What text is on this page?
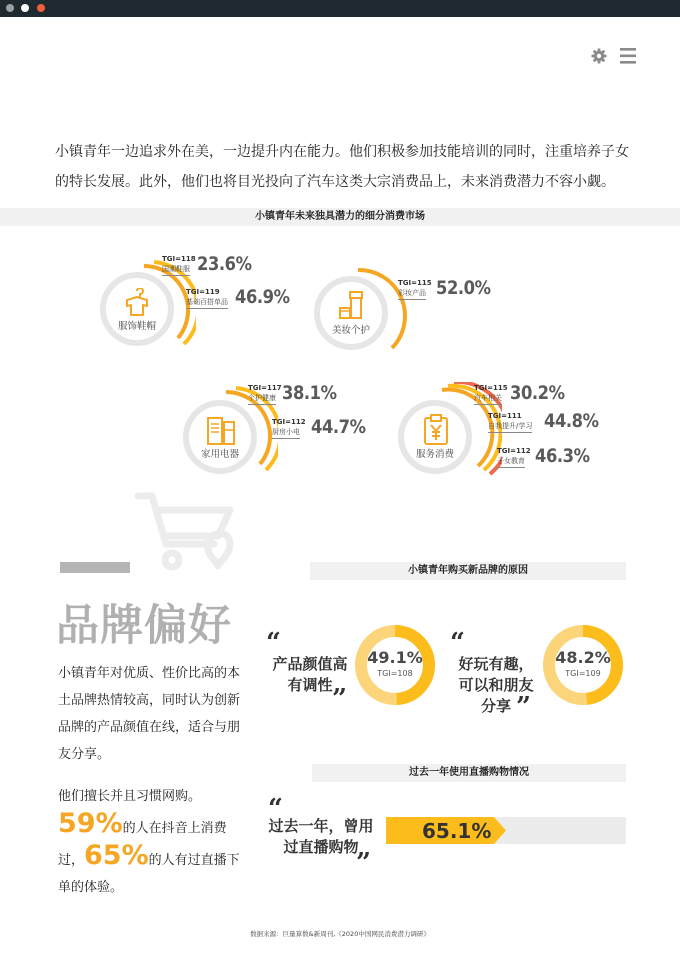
小镇青年一边追求外在美，一边提升内在能力。他们积极参加技能培训的同时，注重培养子女的特长发展。此外，他们也将目光投向了汽车这类大宗消费品上，未来消费潜力不容小觑。

小镇青年未来独具潜力的细分消费市场
服饰鞋帽
TGI=118
国潮鞋服 23.6%
TGI=119
基础百搭单品 46.9%
美妆个护
TGI=115
彩妆产品 52.0%
家用电器
TGI=117
个护健康 38.1%
TGI=112
厨房小电 44.7%
服务消费
TGI=115
汽车相关 30.2%
TGI=111
自我提升/学习 44.8%
TGI=112
子女教育 46.3%
品牌偏好

小镇青年对优质、性价比高的本土品牌热情较高，同时认为创新品牌的产品颜值在线，适合与朋友分享。

他们擅长并且习惯网购。59%的人在抖音上消费过，65%的人有过直播下单的体验。

小镇青年购买新品牌的原因
“
产品颜值高
有调性 ”
49.1%
TGI=108
“
好玩有趣，
可以和朋友
分享 ”
48.2%
TGI=109
过去一年使用直播购物情况
“
过去一年，曾用
过直播购物
”
65.1%
数据来源：巨量算数&新周刊,《2020中国网民消费潜力调研》
